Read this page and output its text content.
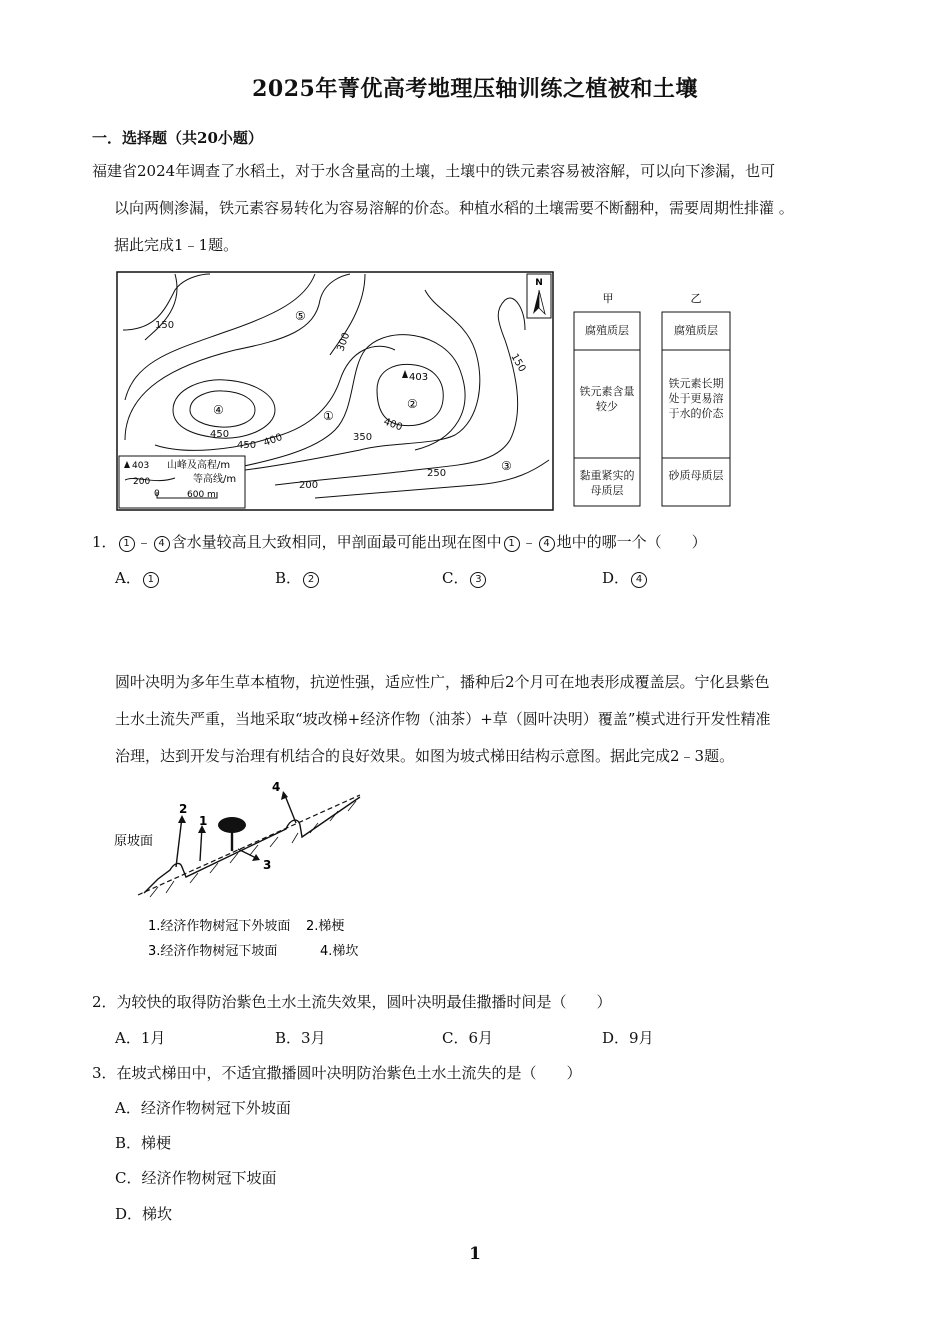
2025年菁优高考地理压轴训练之植被和土壤
一．选择题（共20小题）
福建省2024年调查了水稻土，对于水含量高的土壤，土壤中的铁元素容易被溶解，可以向下渗漏，也可
以向两侧渗漏，铁元素容易转化为容易溶解的价态。种植水稻的土壤需要不断翻种，需要周期性排灌 。
据此完成1﹣1题。
N
150
300
150
450
450 400	350
400
250
200
403
⑤
④	①
②
③
403 山峰及高程/m
200	等高线/m
0	600 m
甲
腐殖质层
铁元素含量较少
黏重紧实的母质层
乙
腐殖质层
铁元素长期处于更易溶于水的价态
砂质母质层
1． 1 ﹣ 4 含水量较高且大致相同，甲剖面最可能出现在图中 1 ﹣ 4 地中的哪一个（　　）
A． 1	B． 2	C． 3	D． 4
圆叶决明为多年生草本植物，抗逆性强，适应性广，播种后2个月可在地表形成覆盖层。宁化县紫色
土水土流失严重，当地采取“坡改梯+经济作物（油茶）+草（圆叶决明）覆盖”模式进行开发性精准
治理，达到开发与治理有机结合的良好效果。如图为坡式梯田结构示意图。据此完成2﹣3题。
1
2
3
4
原坡面
1.经济作物树冠下外坡面 2.梯梗
3.经济作物树冠下坡面	4.梯坎
2．为较快的取得防治紫色土水土流失效果，圆叶决明最佳撒播时间是（　　）
A．1月	B．3月	C．6月	D．9月
3．在坡式梯田中，不适宜撒播圆叶决明防治紫色土水土流失的是（　　）
A．经济作物树冠下外坡面
B．梯梗
C．经济作物树冠下坡面
D．梯坎
1
